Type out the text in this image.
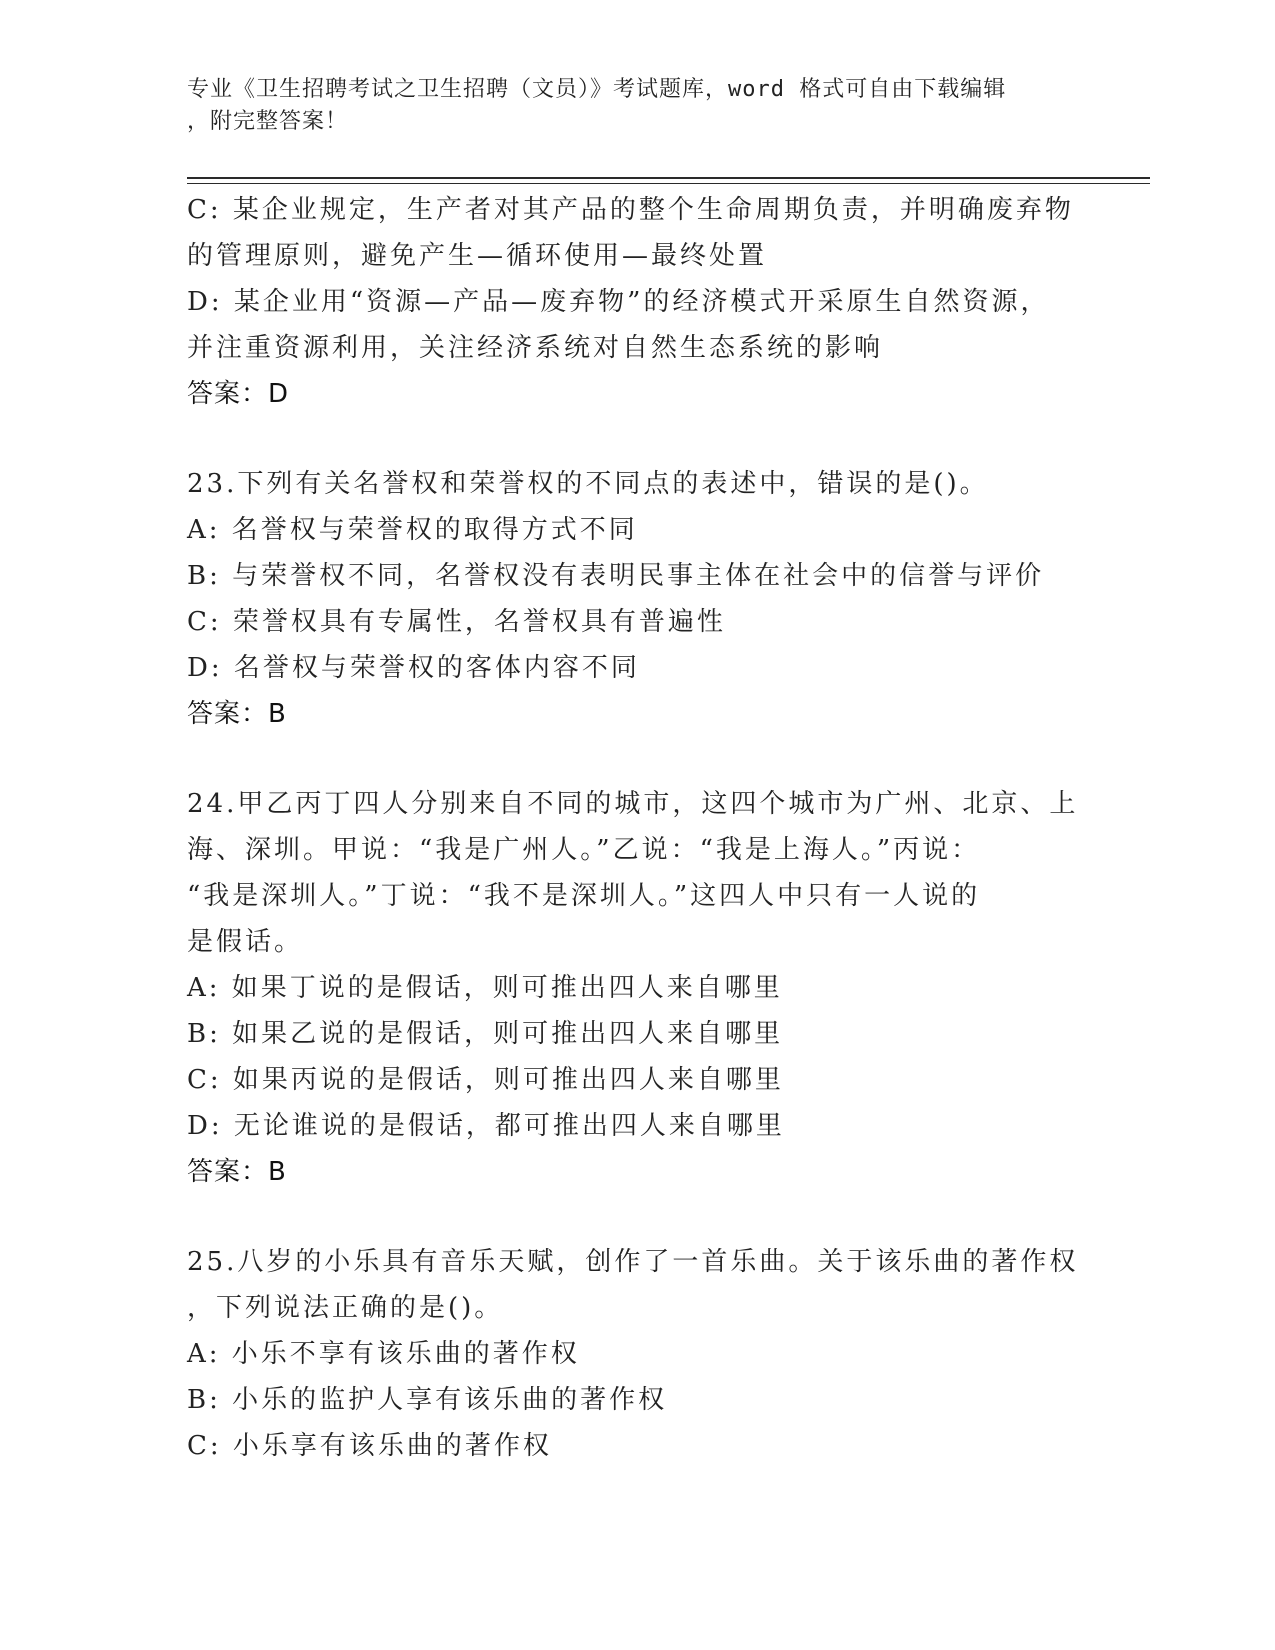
专业《卫生招聘考试之卫生招聘（文员）》考试题库，word 格式可自由下载编辑
，附完整答案！
C: 某企业规定，生产者对其产品的整个生命周期负责，并明确废弃物
的管理原则，避免产生—循环使用—最终处置
D: 某企业用“资源—产品—废弃物”的经济模式开采原生自然资源，
并注重资源利用，关注经济系统对自然生态系统的影响
答案：D
23.下列有关名誉权和荣誉权的不同点的表述中，错误的是()。
A: 名誉权与荣誉权的取得方式不同
B: 与荣誉权不同，名誉权没有表明民事主体在社会中的信誉与评价
C: 荣誉权具有专属性，名誉权具有普遍性
D: 名誉权与荣誉权的客体内容不同
答案：B
24.甲乙丙丁四人分别来自不同的城市，这四个城市为广州、北京、上
海、深圳。甲说：“我是广州人。”乙说：“我是上海人。”丙说：
“我是深圳人。”丁说：“我不是深圳人。”这四人中只有一人说的
是假话。
A: 如果丁说的是假话，则可推出四人来自哪里
B: 如果乙说的是假话，则可推出四人来自哪里
C: 如果丙说的是假话，则可推出四人来自哪里
D: 无论谁说的是假话，都可推出四人来自哪里
答案：B
25.八岁的小乐具有音乐天赋，创作了一首乐曲。关于该乐曲的著作权
，下列说法正确的是()。
A: 小乐不享有该乐曲的著作权
B: 小乐的监护人享有该乐曲的著作权
C: 小乐享有该乐曲的著作权
